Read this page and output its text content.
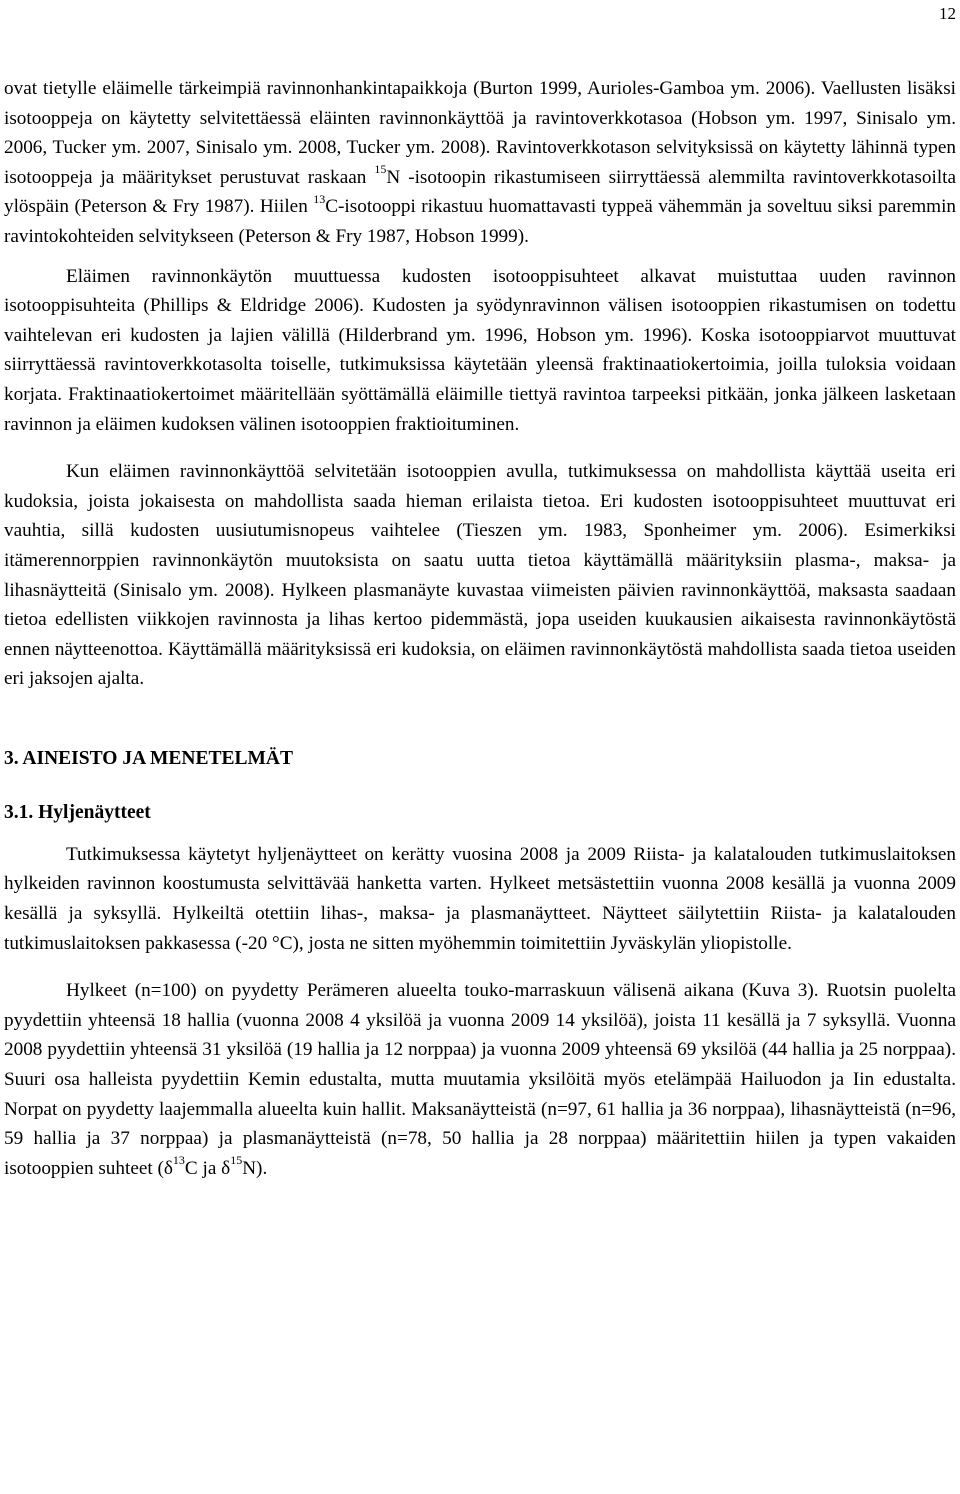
12

ovat tietylle eläimelle tärkeimpiä ravinnonhankintapaikkoja (Burton 1999, Aurioles-Gamboa ym. 2006). Vaellusten lisäksi isotooppeja on käytetty selvitettäessä eläinten ravinnonkäyttöä ja ravintoverkkotasoa (Hobson ym. 1997, Sinisalo ym. 2006, Tucker ym. 2007, Sinisalo ym. 2008, Tucker ym. 2008). Ravintoverkkotason selvityksissä on käytetty lähinnä typen isotooppeja ja määritykset perustuvat raskaan $^{15}$N -isotoopin rikastumiseen siirryttäessä alemmilta ravintoverkkotasoilta ylöspäin (Peterson & Fry 1987). Hiilen $^{13}$C-isotooppi rikastuu huomattavasti typpeä vähemmän ja soveltuu siksi paremmin ravintokohteiden selvitykseen (Peterson & Fry 1987, Hobson 1999).

Eläimen ravinnonkäytön muuttuessa kudosten isotooppisuhteet alkavat muistuttaa uuden ravinnon isotooppisuhteita (Phillips & Eldridge 2006). Kudosten ja syödynravinnon välisen isotooppien rikastumisen on todettu vaihtelevan eri kudosten ja lajien välillä (Hilderbrand ym. 1996, Hobson ym. 1996). Koska isotooppiarvot muuttuvat siirryttäessä ravintoverkkotasolta toiselle, tutkimuksissa käytetään yleensä fraktinaatiokertoimia, joilla tuloksia voidaan korjata. Fraktinaatiokertoimet määritellään syöttämällä eläimille tiettyä ravintoa tarpeeksi pitkään, jonka jälkeen lasketaan ravinnon ja eläimen kudoksen välinen isotooppien fraktioituminen.

Kun eläimen ravinnonkäyttöä selvitetään isotooppien avulla, tutkimuksessa on mahdollista käyttää useita eri kudoksia, joista jokaisesta on mahdollista saada hieman erilaista tietoa. Eri kudosten isotooppisuhteet muuttuvat eri vauhtia, sillä kudosten uusiutumisnopeus vaihtelee (Tieszen ym. 1983, Sponheimer ym. 2006). Esimerkiksi itämerennorppien ravinnonkäytön muutoksista on saatu uutta tietoa käyttämällä määrityksiin plasma-, maksa- ja lihasnäytteitä (Sinisalo ym. 2008). Hylkeen plasmanäyte kuvastaa viimeisten päivien ravinnonkäyttöä, maksasta saadaan tietoa edellisten viikkojen ravinnosta ja lihas kertoo pidemmästä, jopa useiden kuukausien aikaisesta ravinnonkäytöstä ennen näytteenottoa. Käyttämällä määrityksissä eri kudoksia, on eläimen ravinnonkäytöstä mahdollista saada tietoa useiden eri jaksojen ajalta.

3. AINEISTO JA MENETELMÄT
3.1. Hyljenäytteet

Tutkimuksessa käytetyt hyljenäytteet on kerätty vuosina 2008 ja 2009 Riista- ja kalatalouden tutkimuslaitoksen hylkeiden ravinnon koostumusta selvittävää hanketta varten. Hylkeet metsästettiin vuonna 2008 kesällä ja vuonna 2009 kesällä ja syksyllä. Hylkeiltä otettiin lihas-, maksa- ja plasmanäytteet. Näytteet säilytettiin Riista- ja kalatalouden tutkimuslaitoksen pakkasessa (-20 °C), josta ne sitten myöhemmin toimitettiin Jyväskylän yliopistolle.

Hylkeet (n=100) on pyydetty Perämeren alueelta touko-marraskuun välisenä aikana (Kuva 3). Ruotsin puolelta pyydettiin yhteensä 18 hallia (vuonna 2008 4 yksilöä ja vuonna 2009 14 yksilöä), joista 11 kesällä ja 7 syksyllä. Vuonna 2008 pyydettiin yhteensä 31 yksilöä (19 hallia ja 12 norppaa) ja vuonna 2009 yhteensä 69 yksilöä (44 hallia ja 25 norppaa). Suuri osa halleista pyydettiin Kemin edustalta, mutta muutamia yksilöitä myös etelämpää Hailuodon ja Iin edustalta. Norpat on pyydetty laajemmalla alueelta kuin hallit. Maksanäytteistä (n=97, 61 hallia ja 36 norppaa), lihasnäytteistä (n=96, 59 hallia ja 37 norppaa) ja plasmanäytteistä (n=78, 50 hallia ja 28 norppaa) määritettiin hiilen ja typen vakaiden isotooppien suhteet ($\delta^{13}C$ ja $\delta^{15}N$).
